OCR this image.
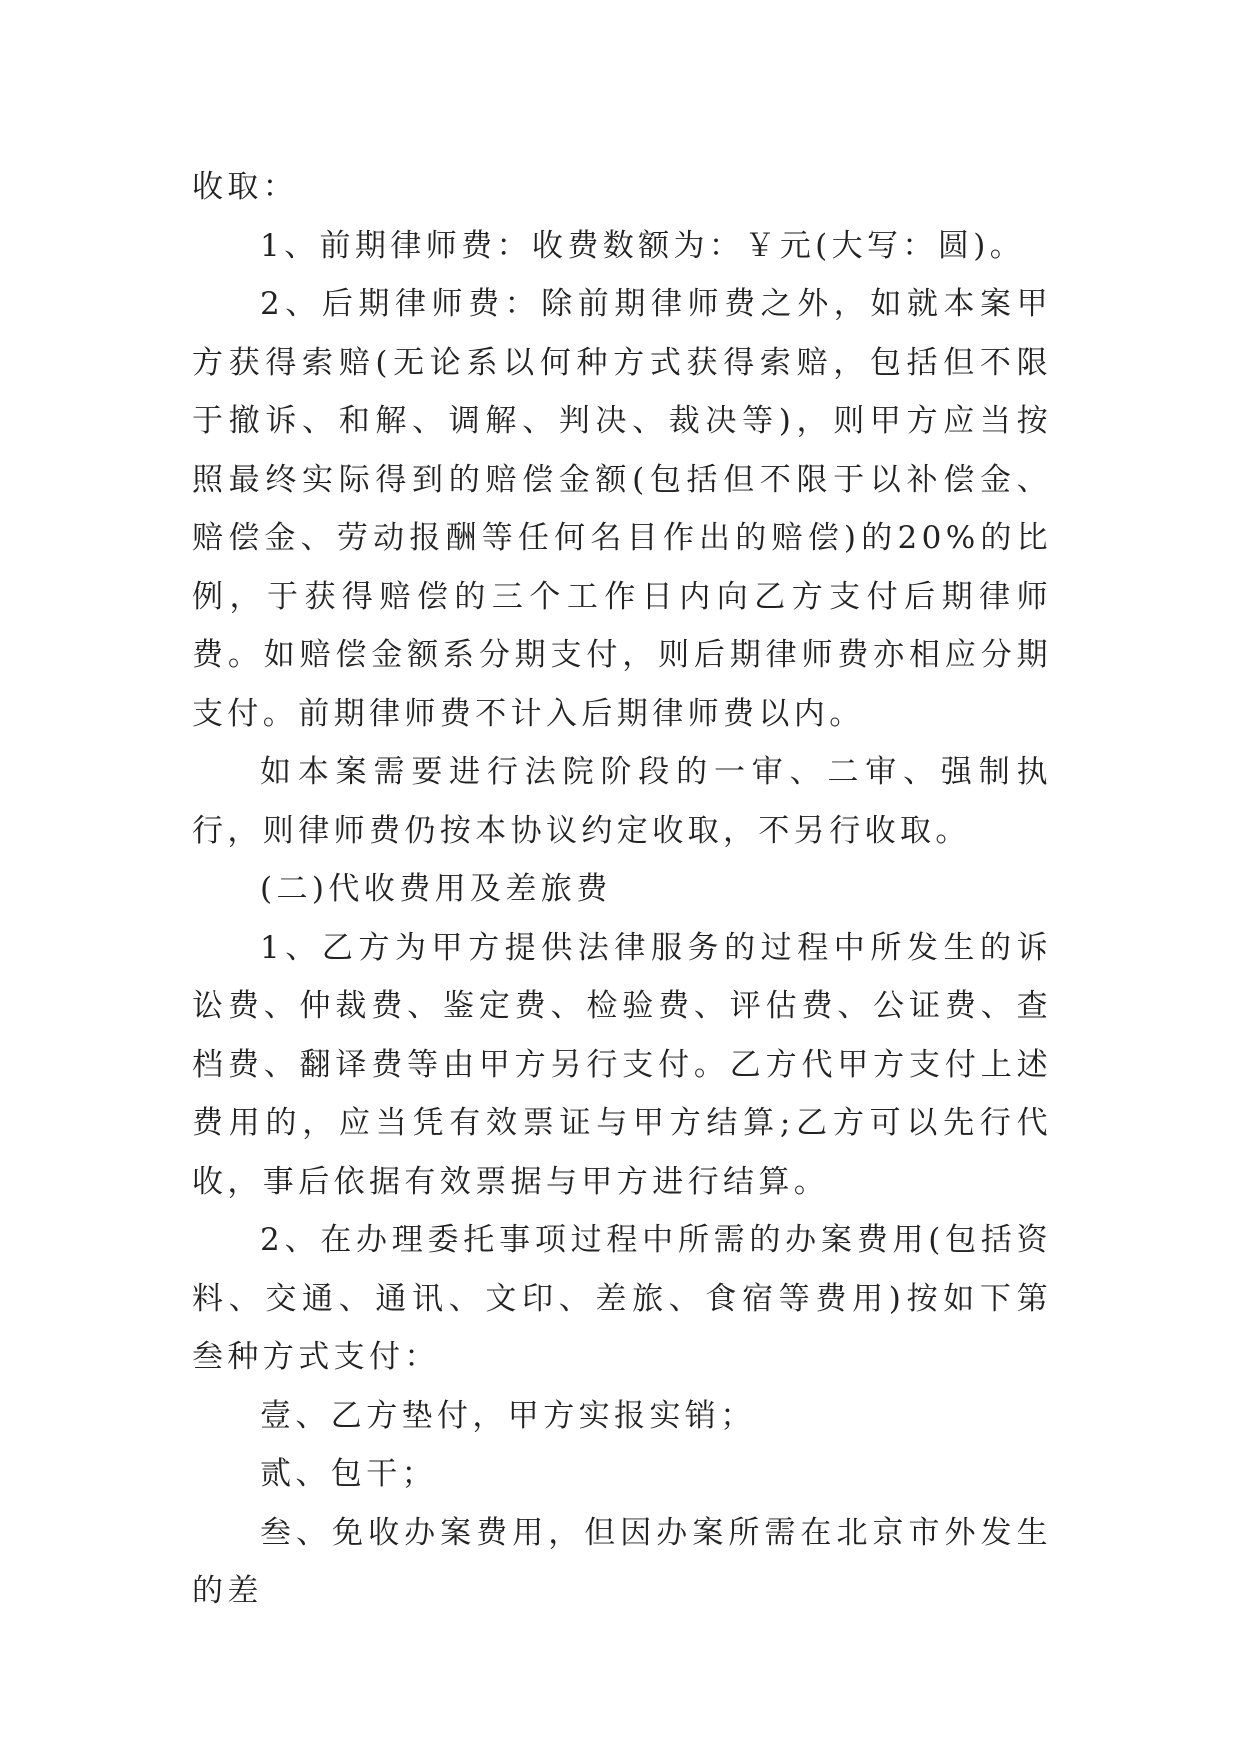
收取：

1、前期律师费：收费数额为：￥元(大写：圆)。

2、后期律师费：除前期律师费之外，如就本案甲方获得索赔(无论系以何种方式获得索赔，包括但不限于撤诉、和解、调解、判决、裁决等)，则甲方应当按照最终实际得到的赔偿金额(包括但不限于以补偿金、赔偿金、劳动报酬等任何名目作出的赔偿)的20%的比例，于获得赔偿的三个工作日内向乙方支付后期律师费。如赔偿金额系分期支付，则后期律师费亦相应分期支付。前期律师费不计入后期律师费以内。

如本案需要进行法院阶段的一审、二审、强制执行，则律师费仍按本协议约定收取，不另行收取。

(二)代收费用及差旅费

1、乙方为甲方提供法律服务的过程中所发生的诉讼费、仲裁费、鉴定费、检验费、评估费、公证费、查档费、翻译费等由甲方另行支付。乙方代甲方支付上述费用的，应当凭有效票证与甲方结算;乙方可以先行代收，事后依据有效票据与甲方进行结算。

2、在办理委托事项过程中所需的办案费用(包括资料、交通、通讯、文印、差旅、食宿等费用)按如下第叁种方式支付：

壹、乙方垫付，甲方实报实销；

贰、包干；

叁、免收办案费用，但因办案所需在北京市外发生的差
